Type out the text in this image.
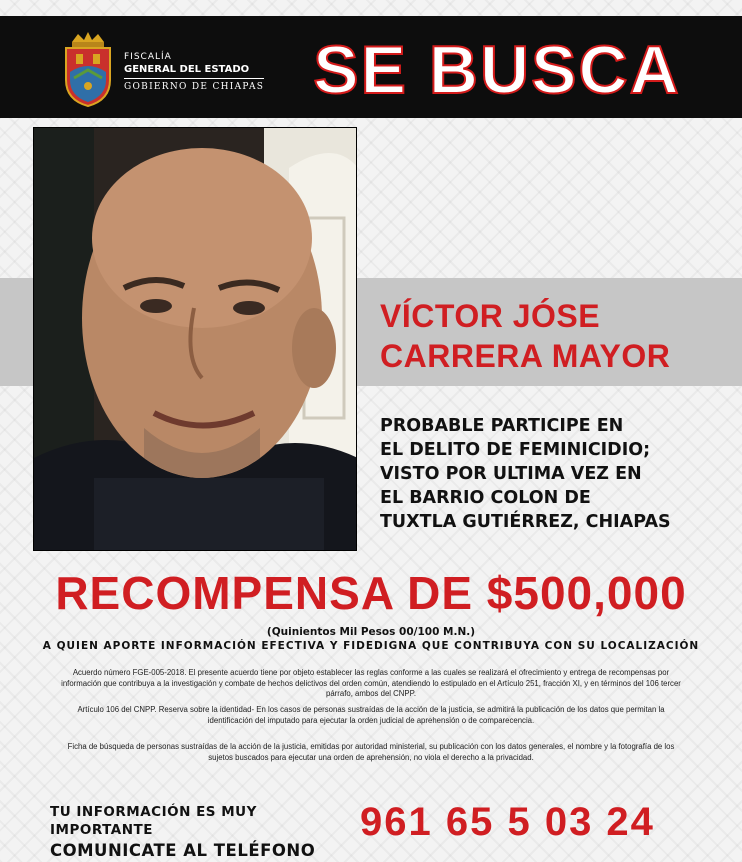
FISCALÍA
GENERAL DEL ESTADO
GOBIERNO DE CHIAPAS SE BUSCA
VÍCTOR JÓSE
CARRERA MAYOR
PROBABLE PARTICIPE EN
EL DELITO DE FEMINICIDIO;
VISTO POR ULTIMA VEZ EN
EL BARRIO COLON DE
TUXTLA GUTIÉRREZ, CHIAPAS
RECOMPENSA DE $500,000
(Quinientos Mil Pesos 00/100 M.N.)
A QUIEN APORTE INFORMACIÓN EFECTIVA Y FIDEDIGNA QUE CONTRIBUYA CON SU LOCALIZACIÓN
Acuerdo número FGE-005-2018. El presente acuerdo tiene por objeto establecer las reglas conforme a las cuales se realizará el ofrecimiento y entrega de recompensas por información que contribuya a la investigación y combate de hechos delictivos del orden común, atendiendo lo estipulado en el Artículo 251, fracción XI, y en términos del 106 tercer párrafo, ambos del CNPP.
Artículo 106 del CNPP. Reserva sobre la identidad- En los casos de personas sustraídas de la acción de la justicia, se admitirá la publicación de los datos que permitan la identificación del imputado para ejecutar la orden judicial de aprehensión o de comparecencia.
Ficha de búsqueda de personas sustraídas de la acción de la justicia, emitidas por autoridad ministerial, su publicación con los datos generales, el nombre y la fotografía de los sujetos buscados para ejecutar una orden de aprehensión, no viola el derecho a la privacidad.
TU INFORMACIÓN ES MUY IMPORTANTE
COMUNICATE AL TELÉFONO
961 65 5 03 24
